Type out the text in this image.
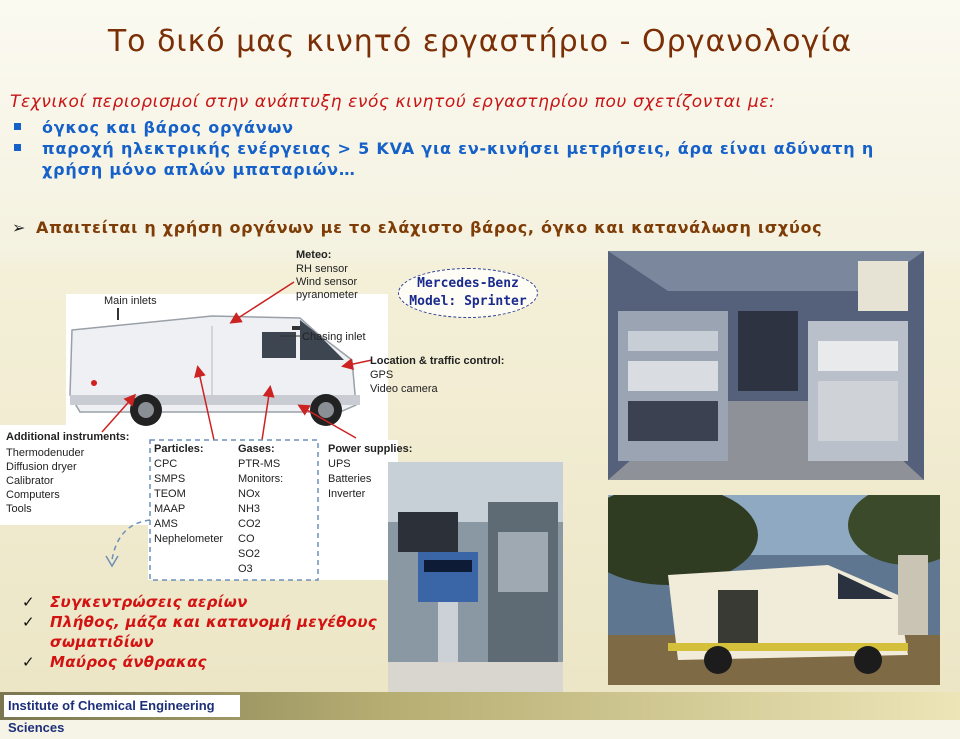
Το δικό μας κινητό εργαστήριο - Οργανολογία
Τεχνικοί περιορισμοί στην ανάπτυξη ενός κινητού εργαστηρίου που σχετίζονται με:
όγκος και βάρος οργάνων
παροχή ηλεκτρικής ενέργειας > 5 KVA για εν-κινήσει μετρήσεις, άρα είναι αδύνατη η χρήση μόνο απλών μπαταριών…
➢ Απαιτείται η χρήση οργάνων με το ελάχιστο βάρος, όγκο και κατανάλωση ισχύος
Main inlets
Meteo:
RH sensor
Wind sensor
pyranometer
Chasing inlet
Location & traffic control:
GPS
Video camera
Additional instruments:
Thermodenuder
Diffusion dryer
Calibrator
Computers
Tools
Particles:
CPC
SMPS
TEOM
MAAP
AMS
Nephelometer
Gases:
PTR-MS
Monitors:
NOx
NH3
CO2
CO
SO2
O3
Power supplies:
UPS
Batteries
Inverter
Mercedes-Benz
Model: Sprinter
✓ Συγκεντρώσεις αερίων
✓ Πλήθος, μάζα και κατανομή μεγέθους σωματιδίων
✓ Μαύρος άνθρακας
Institute of Chemical Engineering Sciences
